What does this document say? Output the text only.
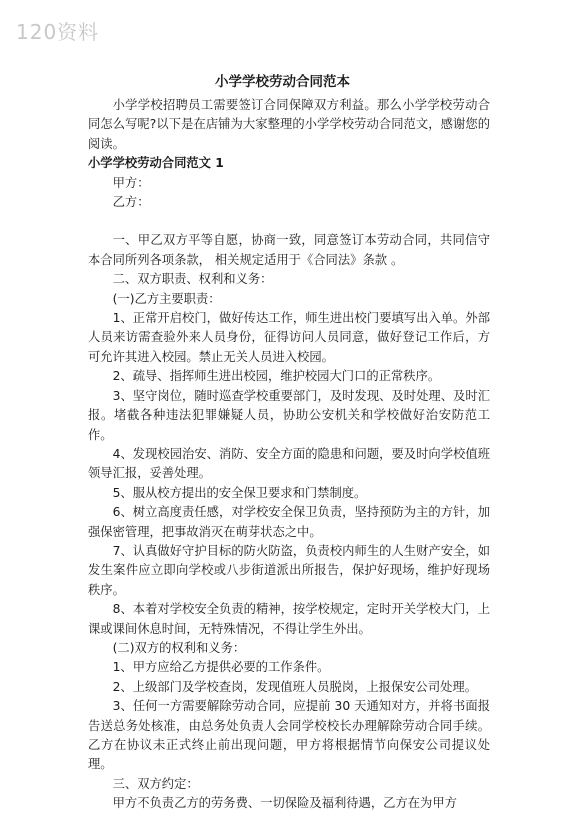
120资料
小学学校劳动合同范本

小学学校招聘员工需要签订合同保障双方利益。那么小学学校劳动合同怎么写呢?以下是在店铺为大家整理的小学学校劳动合同范文，感谢您的阅读。

小学学校劳动合同范文 1

甲方：

乙方：

一、甲乙双方平等自愿，协商一致，同意签订本劳动合同，共同信守本合同所列各项条款， 相关规定适用于《合同法》条款 。

二、双方职责、权利和义务：

(一)乙方主要职责：

1、正常开启校门，做好传达工作，师生进出校门要填写出入单。外部人员来访需查验外来人员身份，征得访问人员同意，做好登记工作后，方可允许其进入校园。禁止无关人员进入校园。

2、疏导、指挥师生进出校园，维护校园大门口的正常秩序。

3、坚守岗位，随时巡查学校重要部门，及时发现、及时处理、及时汇报。堵截各种违法犯罪嫌疑人员，协助公安机关和学校做好治安防范工作。

4、发现校园治安、消防、安全方面的隐患和问题，要及时向学校值班领导汇报，妥善处理。

5、服从校方提出的安全保卫要求和门禁制度。

6、树立高度责任感，对学校安全保卫负责，坚持预防为主的方针，加强保密管理，把事故消灭在萌芽状态之中。

7、认真做好守护目标的防火防盗，负责校内师生的人生财产安全，如发生案件应立即向学校或八步街道派出所报告，保护好现场，维护好现场秩序。

8、本着对学校安全负责的精神，按学校规定，定时开关学校大门，上课或课间休息时间，无特殊情况，不得让学生外出。

(二)双方的权利和义务：

1、甲方应给乙方提供必要的工作条件。

2、上级部门及学校查岗，发现值班人员脱岗，上报保安公司处理。

3、任何一方需要解除劳动合同，应提前 30 天通知对方，并将书面报告送总务处核准，由总务处负责人会同学校校长办理解除劳动合同手续。 乙方在协议未正式终止前出现问题，甲方将根据情节向保安公司提议处理。

三、双方约定：

甲方不负责乙方的劳务费、一切保险及福利待遇，乙方在为甲方
